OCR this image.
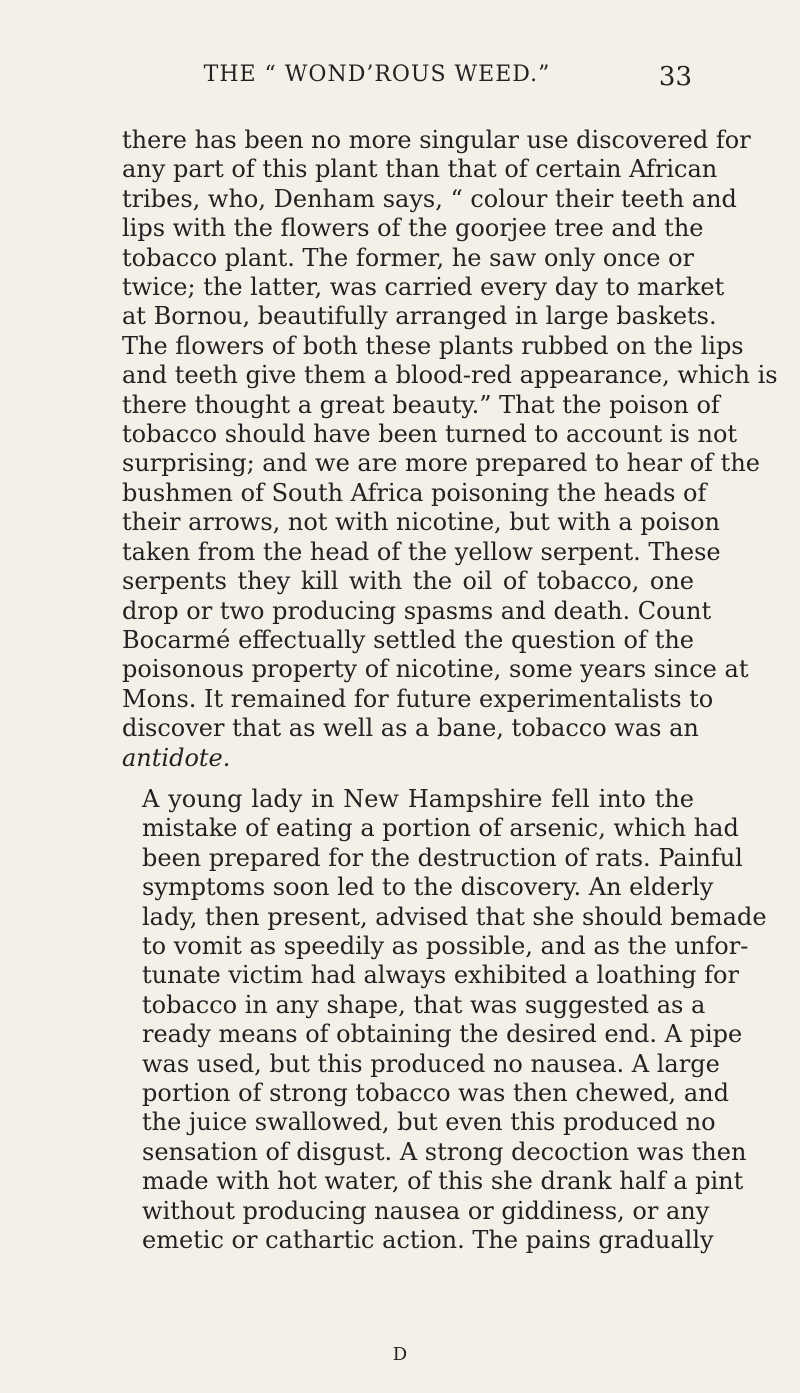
THE “ WOND’ROUS WEED.”	33

there has been no more singular use discovered for
any part of this plant than that of certain African
tribes, who, Denham says, “ colour their teeth and
lips with the flowers of the goorjee tree and the
tobacco plant. The former, he saw only once or
twice; the latter, was carried every day to market
at Bornou, beautifully arranged in large baskets.
The flowers of both these plants rubbed on the lips
and teeth give them a blood-red appearance, which is
there thought a great beauty.” That the poison of
tobacco should have been turned to account is not
surprising; and we are more prepared to hear of the
bushmen of South Africa poisoning the heads of
their arrows, not with nicotine, but with a poison
taken from the head of the yellow serpent. These
serpents they kill with the oil of tobacco, one
drop or two producing spasms and death. Count
Bocarmé effectually settled the question of the
poisonous property of nicotine, some years since at
Mons. It remained for future experimentalists to
discover that as well as a bane, tobacco was an
antidote.

A young lady in New Hampshire fell into the
mistake of eating a portion of arsenic, which had
been prepared for the destruction of rats. Painful
symptoms soon led to the discovery. An elderly
lady, then present, advised that she should bemade
to vomit as speedily as possible, and as the unfor-
tunate victim had always exhibited a loathing for
tobacco in any shape, that was suggested as a
ready means of obtaining the desired end. A pipe
was used, but this produced no nausea. A large
portion of strong tobacco was then chewed, and
the juice swallowed, but even this produced no
sensation of disgust. A strong decoction was then
made with hot water, of this she drank half a pint
without producing nausea or giddiness, or any
emetic or cathartic action. The pains gradually

D
